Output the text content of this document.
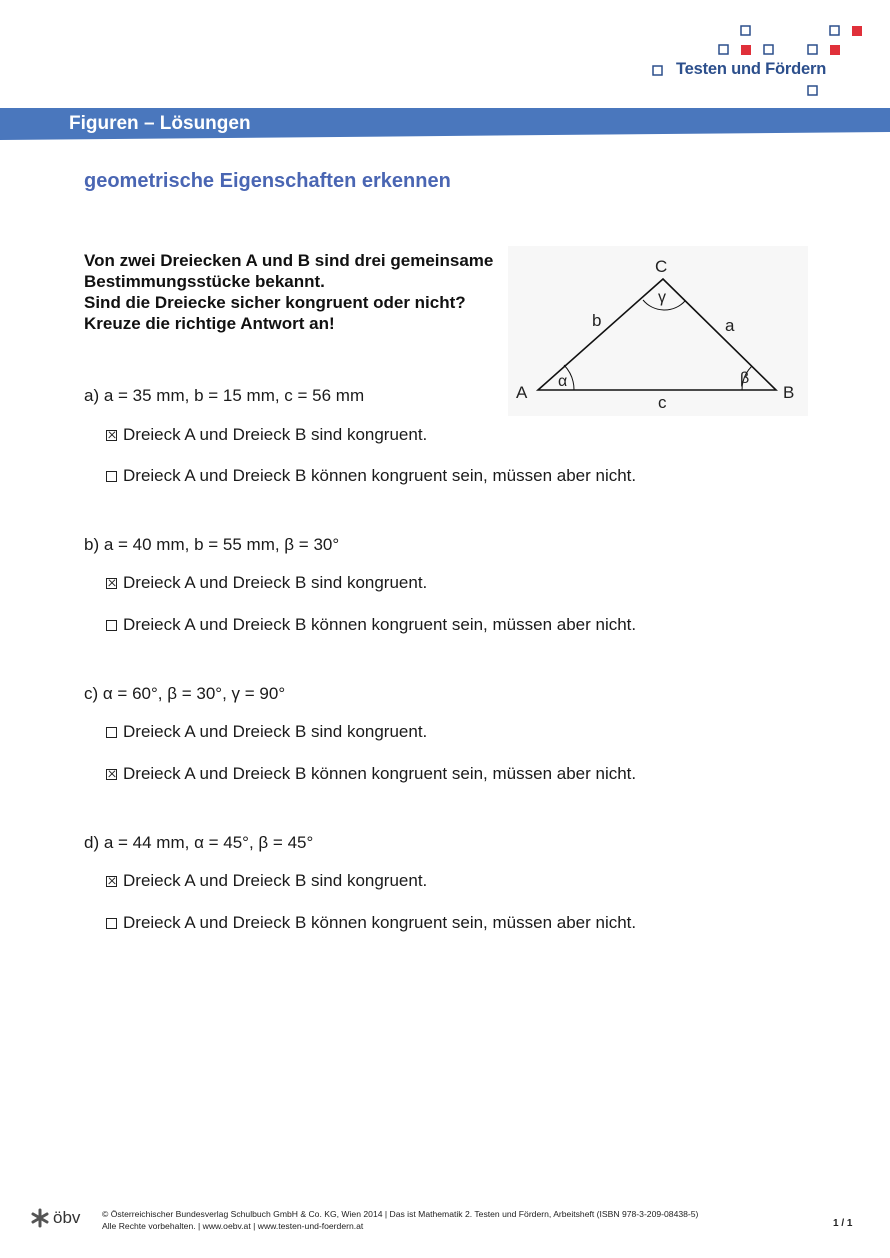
Testen und Fördern
Figuren – Lösungen
geometrische Eigenschaften erkennen
Von zwei Dreiecken A und B sind drei gemeinsame
Bestimmungsstücke bekannt.
Sind die Dreiecke sicher kongruent oder nicht?
Kreuze die richtige Antwort an!
A	B
C
b	a
c
α	β
γ
a) a = 35 mm, b = 15 mm, c = 56 mm
Dreieck A und Dreieck B sind kongruent.
Dreieck A und Dreieck B können kongruent sein, müssen aber nicht.
b) a = 40 mm, b = 55 mm, β = 30°
Dreieck A und Dreieck B sind kongruent.
Dreieck A und Dreieck B können kongruent sein, müssen aber nicht.
c) α = 60°, β = 30°, γ = 90°
Dreieck A und Dreieck B sind kongruent.
Dreieck A und Dreieck B können kongruent sein, müssen aber nicht.
d) a = 44 mm, α = 45°, β = 45°
Dreieck A und Dreieck B sind kongruent.
Dreieck A und Dreieck B können kongruent sein, müssen aber nicht.
öbv	© Österreichischer Bundesverlag Schulbuch GmbH & Co. KG, Wien 2014 | Das ist Mathematik 2. Testen und Fördern, Arbeitsheft (ISBN 978-3-209-08438-5)
Alle Rechte vorbehalten. | www.oebv.at | www.testen-und-foerdern.at	1 / 1
